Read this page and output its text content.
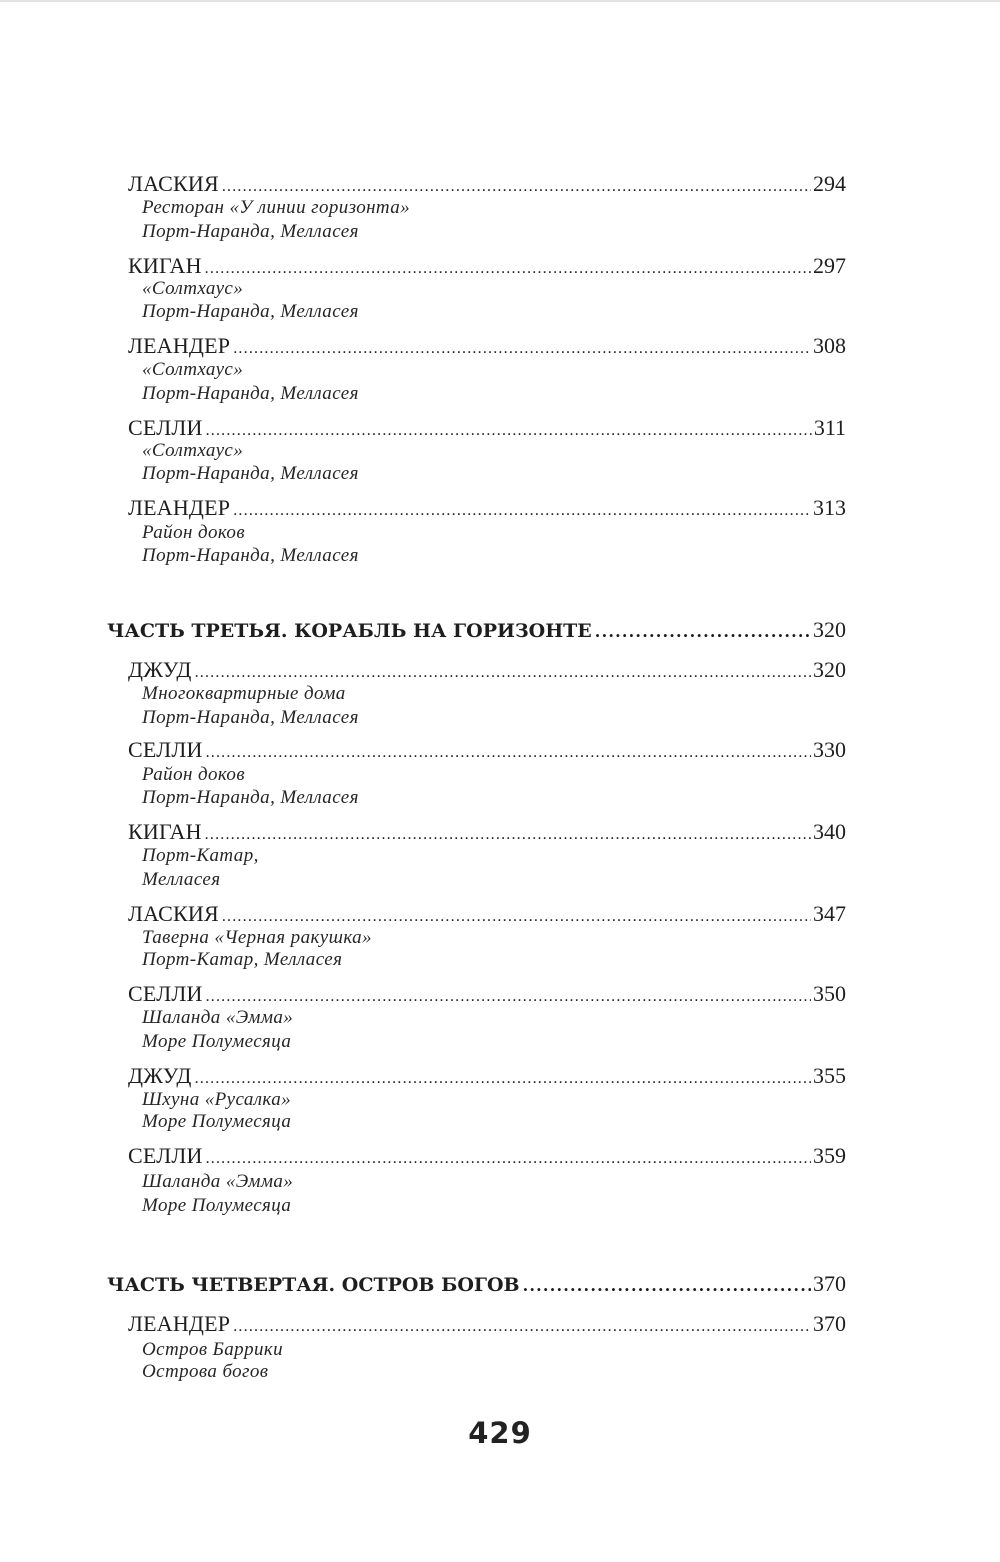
ЛАСКИЯ .....	294
Ресторан «У линии горизонта»
Порт-Наранда, Мелласея
КИГАН .....	297
«Солтхаус»
Порт-Наранда, Мелласея
ЛЕАНДЕР .....	308
«Солтхаус»
Порт-Наранда, Мелласея
СЕЛЛИ .....	311
«Солтхаус»
Порт-Наранда, Мелласея
ЛЕАНДЕР .....	313
Район доков
Порт-Наранда, Мелласея
ЧАСТЬ ТРЕТЬЯ. КОРАБЛЬ НА ГОРИЗОНТЕ .....	320
ДЖУД .....	320
Многоквартирные дома
Порт-Наранда, Мелласея
СЕЛЛИ .....	330
Район доков
Порт-Наранда, Мелласея
КИГАН .....	340
Порт-Катар,
Мелласея
ЛАСКИЯ .....	347
Таверна «Черная ракушка»
Порт-Катар, Мелласея
СЕЛЛИ .....	350
Шаланда «Эмма»
Море Полумесяца
ДЖУД .....	355
Шхуна «Русалка»
Море Полумесяца
СЕЛЛИ .....	359
Шаланда «Эмма»
Море Полумесяца
ЧАСТЬ ЧЕТВЕРТАЯ. ОСТРОВ БОГОВ .....	370
ЛЕАНДЕР .....	370
Остров Баррики
Острова богов
429
